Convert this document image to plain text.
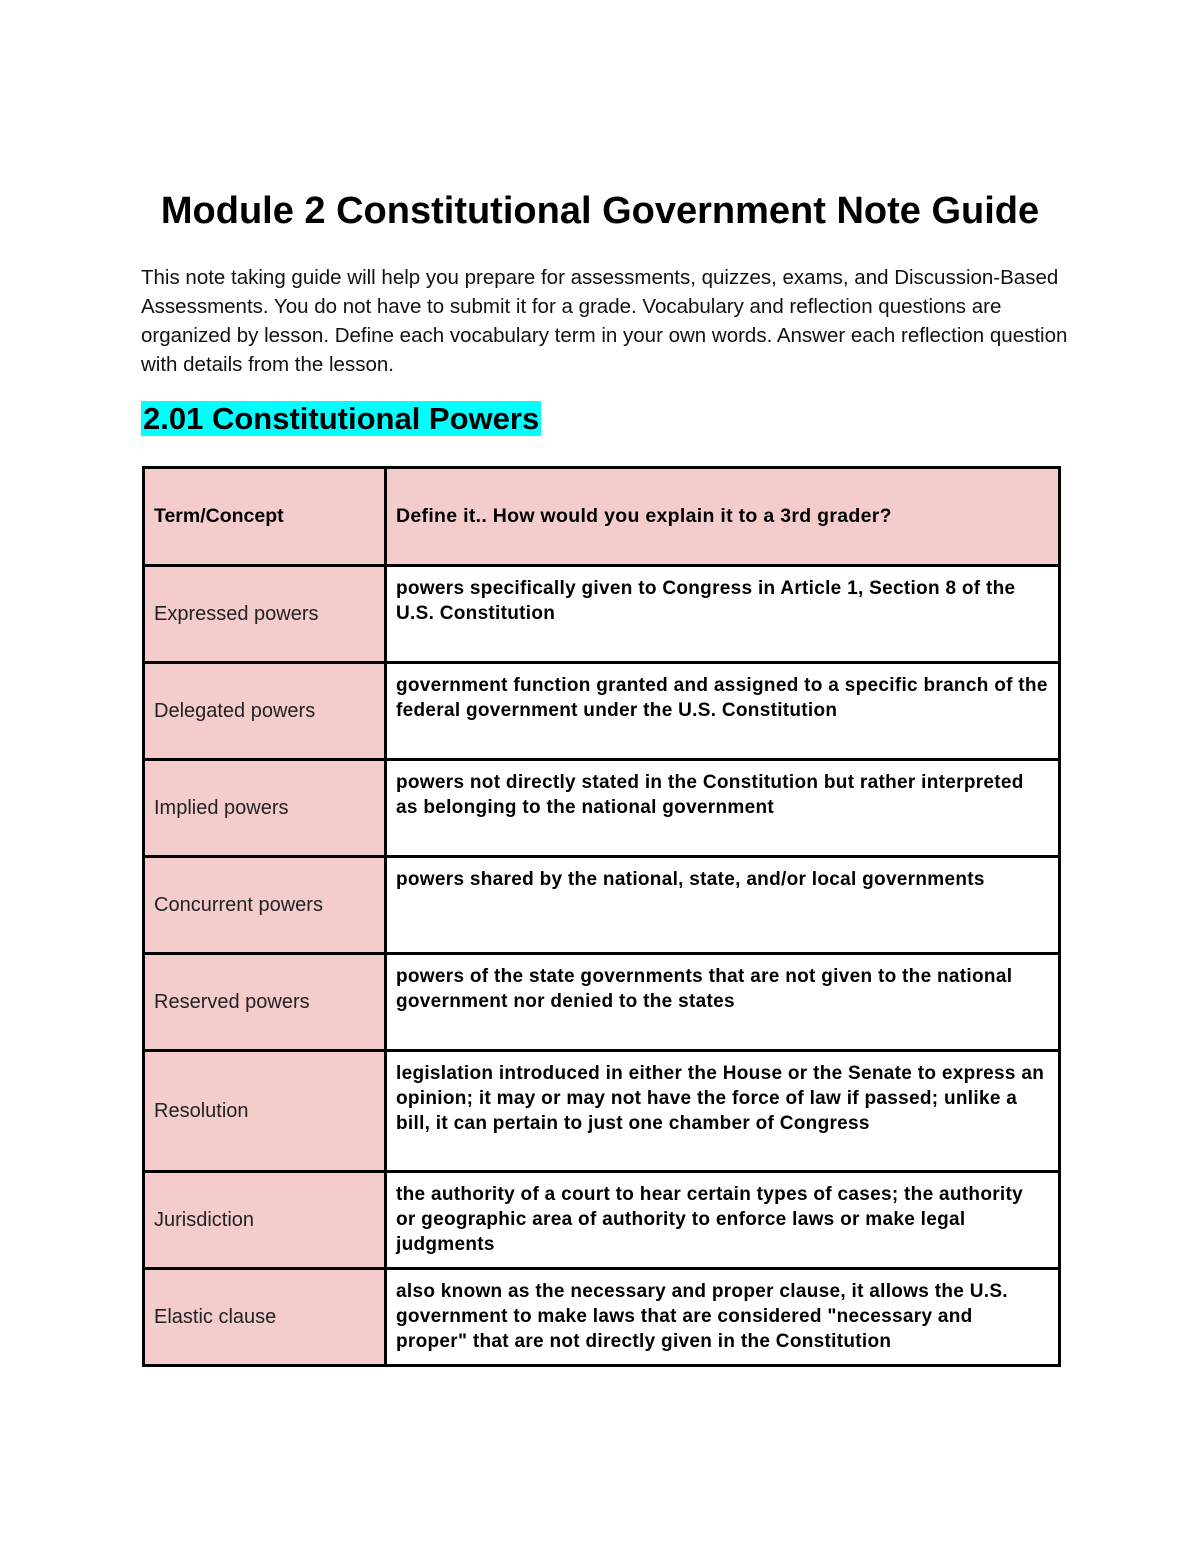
Module 2 Constitutional Government Note Guide

This note taking guide will help you prepare for assessments, quizzes, exams, and Discussion-Based Assessments. You do not have to submit it for a grade. Vocabulary and reflection questions are organized by lesson. Define each vocabulary term in your own words. Answer each reflection question with details from the lesson.

2.01 Constitutional Powers
Term/Concept	Define it.. How would you explain it to a 3rd grader?
Expressed powers	powers specifically given to Congress in Article 1, Section 8 of the U.S. Constitution
Delegated powers	government function granted and assigned to a specific branch of the federal government under the U.S. Constitution
Implied powers	powers not directly stated in the Constitution but rather interpreted as belonging to the national government
Concurrent powers	powers shared by the national, state, and/or local governments
Reserved powers	powers of the state governments that are not given to the national government nor denied to the states
Resolution	legislation introduced in either the House or the Senate to express an opinion; it may or may not have the force of law if passed; unlike a bill, it can pertain to just one chamber of Congress
Jurisdiction	the authority of a court to hear certain types of cases; the authority or geographic area of authority to enforce laws or make legal judgments
Elastic clause	also known as the necessary and proper clause, it allows the U.S. government to make laws that are considered "necessary and proper" that are not directly given in the Constitution
